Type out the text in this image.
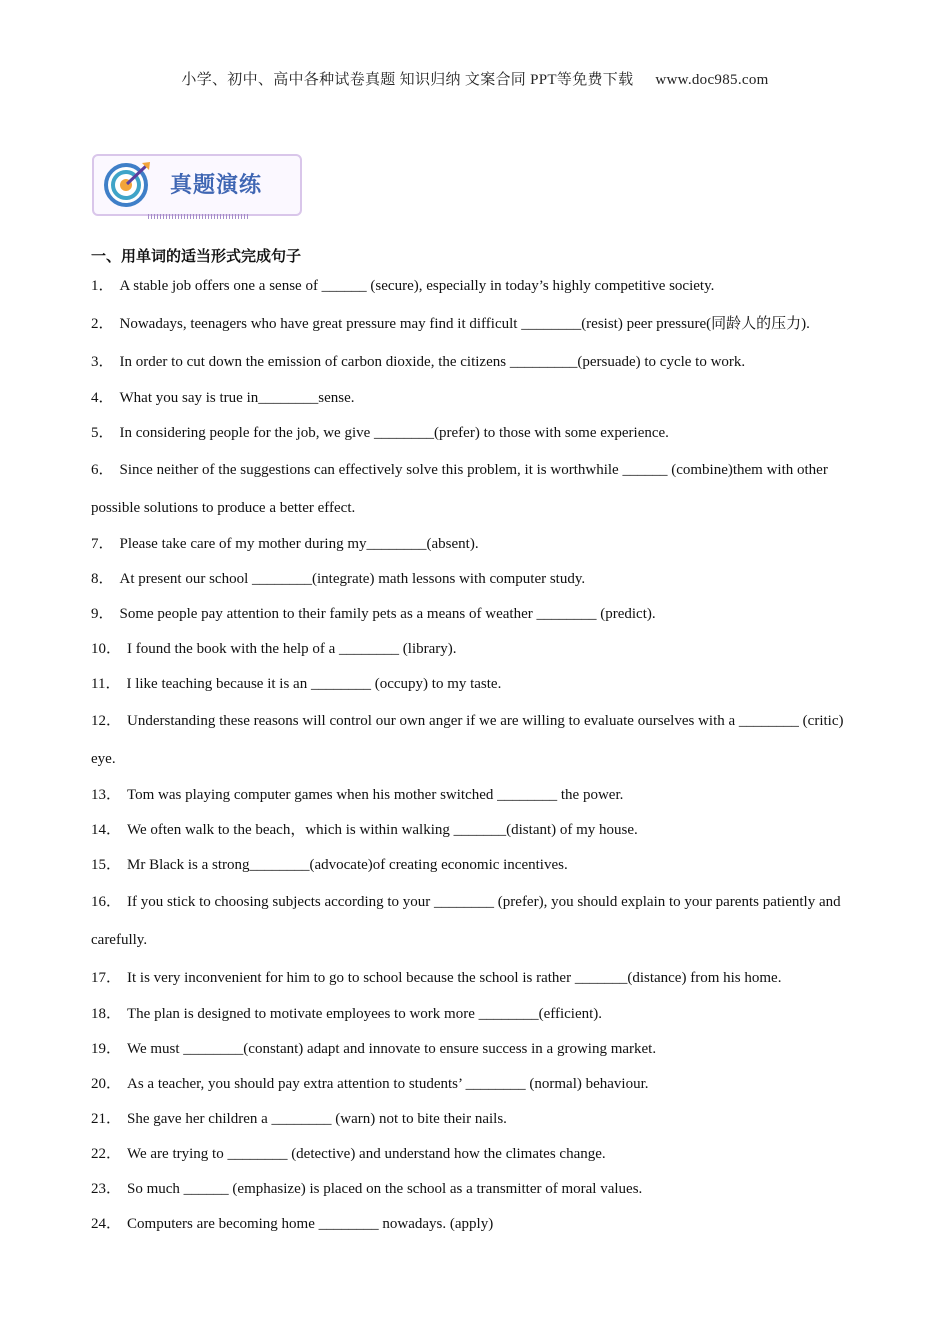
小学、初中、高中各种试卷真题 知识归纳 文案合同 PPT等免费下载 www.doc985.com
真题演练
一、用单词的适当形式完成句子

1． A stable job offers one a sense of ______ (secure), especially in today’s highly competitive society.

2． Nowadays, teenagers who have great pressure may find it difficult ________(resist) peer pressure(同龄人的压力).

3． In order to cut down the emission of carbon dioxide, the citizens _________(persuade) to cycle to work.

4． What you say is true in________sense.

5． In considering people for the job, we give ________(prefer) to those with some experience.

6． Since neither of the suggestions can effectively solve this problem, it is worthwhile ______ (combine)them with other possible solutions to produce a better effect.

7． Please take care of my mother during my________(absent).

8． At present our school ________(integrate) math lessons with computer study.

9． Some people pay attention to their family pets as a means of weather ________ (predict).

10． I found the book with the help of a ________ (library).

11． I like teaching because it is an ________ (occupy) to my taste.

12． Understanding these reasons will control our own anger if we are willing to evaluate ourselves with a ________ (critic) eye.

13． Tom was playing computer games when his mother switched ________ the power.

14． We often walk to the beach，which is within walking _______(distant) of my house.

15． Mr Black is a strong________(advocate)of creating economic incentives.

16． If you stick to choosing subjects according to your ________ (prefer), you should explain to your parents patiently and carefully.

17． It is very inconvenient for him to go to school because the school is rather _______(distance) from his home.

18． The plan is designed to motivate employees to work more ________(efficient).

19． We must ________(constant) adapt and innovate to ensure success in a growing market.

20． As a teacher, you should pay extra attention to students’ ________ (normal) behaviour.

21． She gave her children a ________ (warn) not to bite their nails.

22． We are trying to ________ (detective) and understand how the climates change.

23． So much ______ (emphasize) is placed on the school as a transmitter of moral values.

24． Computers are becoming home ________ nowadays. (apply)
